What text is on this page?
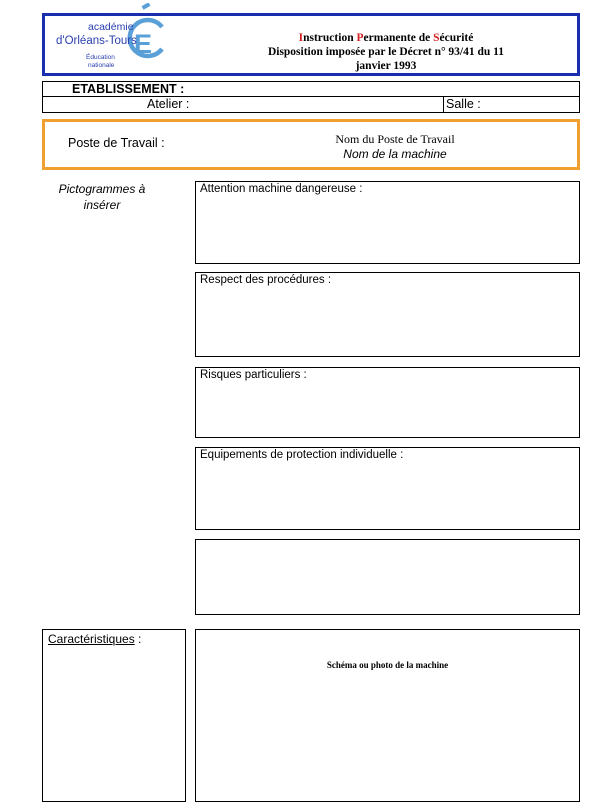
E
académie
d'Orléans-Tours
Éducation
nationale
Instruction Permanente de Sécurité
Disposition imposée par le Décret n° 93/41 du 11
janvier 1993
ETABLISSEMENT :
Atelier :	Salle :
Poste de Travail :	Nom du Poste de Travail
Nom de la machine
Pictogrammes à insérer
Attention machine dangereuse :
Respect des procédures :
Risques particuliers :
Equipements de protection individuelle :
Caractéristiques :
Schéma ou photo de la machine
